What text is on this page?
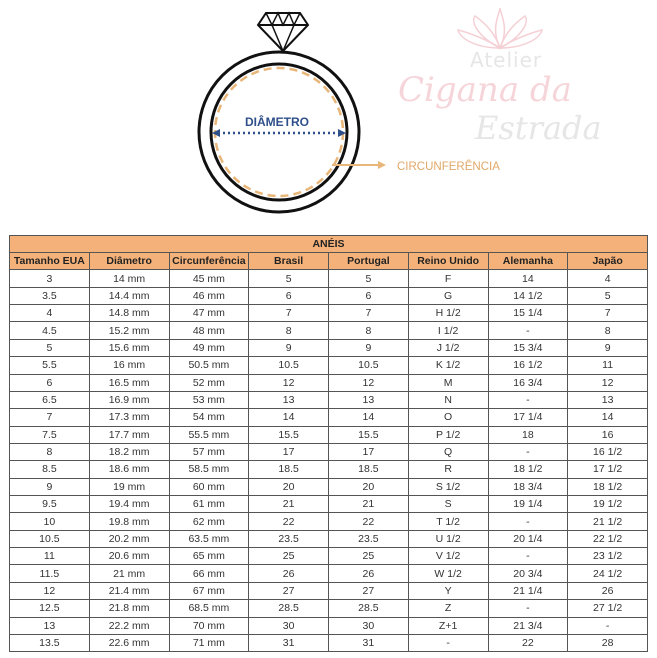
DIÂMETRO
CIRCUNFERÊNCIA
Atelier
Cigana da
Estrada
ANÉIS							
Tamanho EUA	Diâmetro	Circunferência	Brasil	Portugal	Reino Unido	Alemanha	Japão
3	14 mm	45 mm	5	5	F	14	4
3.5	14.4 mm	46 mm	6	6	G	14 1/2	5
4	14.8 mm	47 mm	7	7	H 1/2	15 1/4	7
4.5	15.2 mm	48 mm	8	8	I 1/2	-	8
5	15.6 mm	49 mm	9	9	J 1/2	15 3/4	9
5.5	16 mm	50.5 mm	10.5	10.5	K 1/2	16 1/2	11
6	16.5 mm	52 mm	12	12	M	16 3/4	12
6.5	16.9 mm	53 mm	13	13	N	-	13
7	17.3 mm	54 mm	14	14	O	17 1/4	14
7.5	17.7 mm	55.5 mm	15.5	15.5	P 1/2	18	16
8	18.2 mm	57 mm	17	17	Q	-	16 1/2
8.5	18.6 mm	58.5 mm	18.5	18.5	R	18 1/2	17 1/2
9	19 mm	60 mm	20	20	S 1/2	18 3/4	18 1/2
9.5	19.4 mm	61 mm	21	21	S	19 1/4	19 1/2
10	19.8 mm	62 mm	22	22	T 1/2	-	21 1/2
10.5	20.2 mm	63.5 mm	23.5	23.5	U 1/2	20 1/4	22 1/2
11	20.6 mm	65 mm	25	25	V 1/2	-	23 1/2
11.5	21 mm	66 mm	26	26	W 1/2	20 3/4	24 1/2
12	21.4 mm	67 mm	27	27	Y	21 1/4	26
12.5	21.8 mm	68.5 mm	28.5	28.5	Z	-	27 1/2
13	22.2 mm	70 mm	30	30	Z+1	21 3/4	-
13.5	22.6 mm	71 mm	31	31	-	22	28
